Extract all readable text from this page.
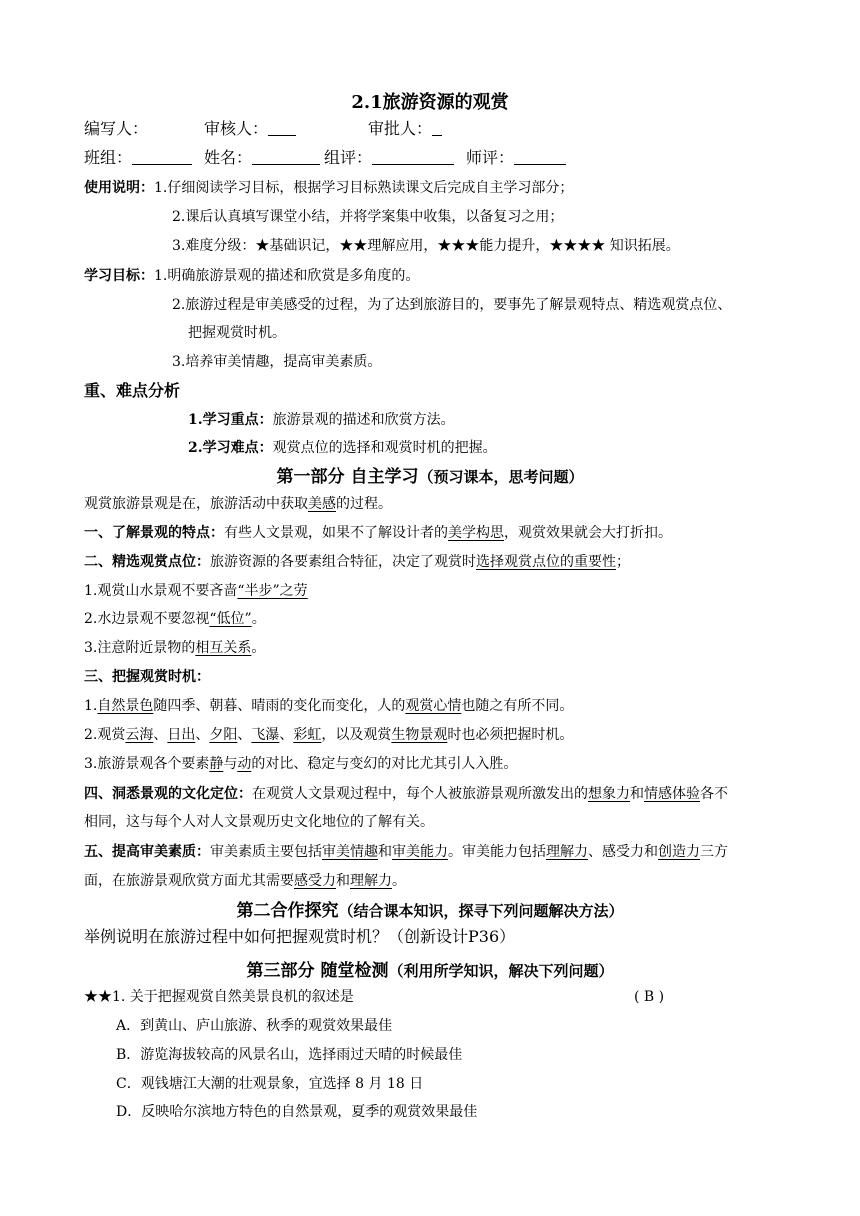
2.1旅游资源的观赏
编写人：	审核人：	审批人：
班组：	姓名：	组评：	师评：
使用说明：1.仔细阅读学习目标，根据学习目标熟读课文后完成自主学习部分；
2.课后认真填写课堂小结，并将学案集中收集，以备复习之用；
3.难度分级：★基础识记，★★理解应用，★★★能力提升，★★★★ 知识拓展。
学习目标：1.明确旅游景观的描述和欣赏是多角度的。
2.旅游过程是审美感受的过程，为了达到旅游目的，要事先了解景观特点、精选观赏点位、
把握观赏时机。
3.培养审美情趣，提高审美素质。
重、难点分析
1.学习重点：旅游景观的描述和欣赏方法。
2.学习难点：观赏点位的选择和观赏时机的把握。
第一部分 自主学习（预习课本，思考问题）
观赏旅游景观是在，旅游活动中获取美感的过程。
一、了解景观的特点：有些人文景观，如果不了解设计者的美学构思，观赏效果就会大打折扣。
二、精选观赏点位：旅游资源的各要素组合特征，决定了观赏时选择观赏点位的重要性；
1.观赏山水景观不要吝啬“半步”之劳
2.水边景观不要忽视“低位”。
3.注意附近景物的相互关系。
三、把握观赏时机：
1.自然景色随四季、朝暮、晴雨的变化而变化，人的观赏心情也随之有所不同。
2.观赏云海、日出、夕阳、飞瀑、彩虹，以及观赏生物景观时也必须把握时机。
3.旅游景观各个要素静与动的对比、稳定与变幻的对比尤其引人入胜。
四、洞悉景观的文化定位：在观赏人文景观过程中，每个人被旅游景观所激发出的想象力和情感体验各不
相同，这与每个人对人文景观历史文化地位的了解有关。
五、提高审美素质：审美素质主要包括审美情趣和审美能力。审美能力包括理解力、感受力和创造力三方
面，在旅游景观欣赏方面尤其需要感受力和理解力。
第二合作探究（结合课本知识，探寻下列问题解决方法）
举例说明在旅游过程中如何把握观赏时机？（创新设计P36）
第三部分 随堂检测（利用所学知识，解决下列问题）
★★1. 关于把握观赏自然美景良机的叙述是	( B )
A．到黄山、庐山旅游、秋季的观赏效果最佳
B．游览海拔较高的风景名山，选择雨过天晴的时候最佳
C．观钱塘江大潮的壮观景象，宜选择 8 月 18 日
D．反映哈尔滨地方特色的自然景观，夏季的观赏效果最佳
